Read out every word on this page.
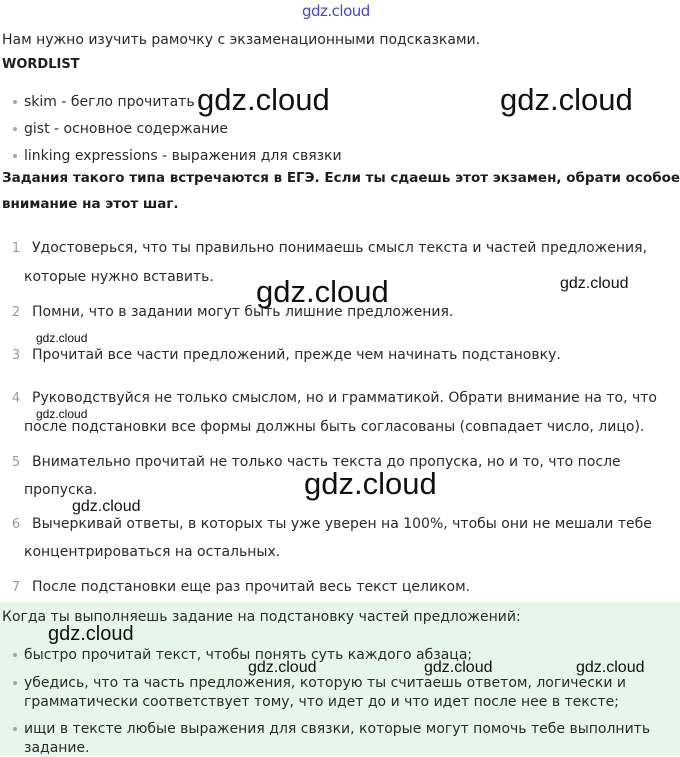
gdz.cloud
Нам нужно изучить рамочку с экзаменационными подсказками.
WORDLIST
skim - бегло прочитать
gist - основное содержание
linking expressions - выражения для связки
Задания такого типа встречаются в ЕГЭ. Если ты сдаешь этот экзамен, обрати особое
внимание на этот шаг.
1 Удостоверься, что ты правильно понимаешь смысл текста и частей предложения,
которые нужно вставить.
2 Помни, что в задании могут быть лишние предложения.
3 Прочитай все части предложений, прежде чем начинать подстановку.
4 Руководствуйся не только смыслом, но и грамматикой. Обрати внимание на то, что
после подстановки все формы должны быть согласованы (совпадает число, лицо).
5 Внимательно прочитай не только часть текста до пропуска, но и то, что после
пропуска.
6 Вычеркивай ответы, в которых ты уже уверен на 100%, чтобы они не мешали тебе
концентрироваться на остальных.
7 После подстановки еще раз прочитай весь текст целиком.
Когда ты выполняешь задание на подстановку частей предложений:
быстро прочитай текст, чтобы понять суть каждого абзаца;
убедись, что та часть предложения, которую ты считаешь ответом, логически и
грамматически соответствует тому, что идет до и что идет после нее в тексте;
ищи в тексте любые выражения для связки, которые могут помочь тебе выполнить
задание.
gdz.cloud	gdz.cloud
gdz.cloud	gdz.cloud
gdz.cloud
gdz.cloud
gdz.cloud
gdz.cloud
gdz.cloud
gdz.cloud	gdz.cloud	gdz.cloud
